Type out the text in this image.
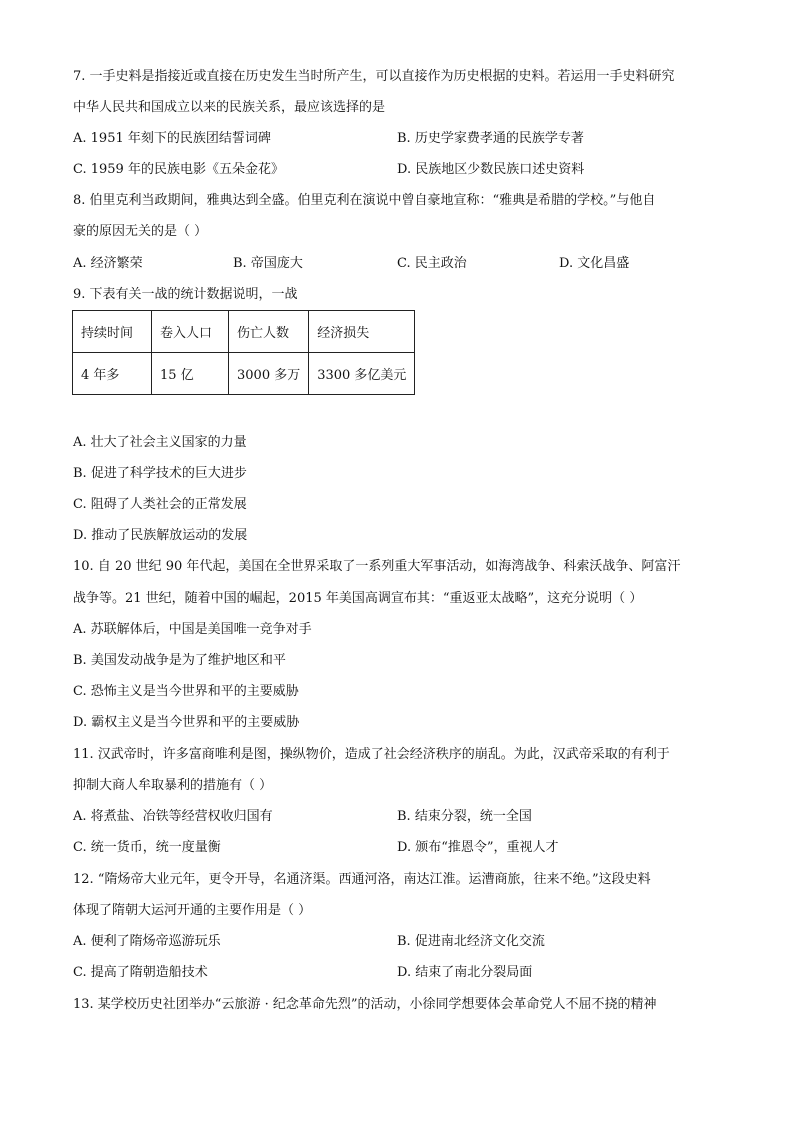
7. 一手史料是指接近或直接在历史发生当时所产生，可以直接作为历史根据的史料。若运用一手史料研究
中华人民共和国成立以来的民族关系，最应该选择的是
A. 1951 年刻下的民族团结誓词碑	B. 历史学家费孝通的民族学专著
C. 1959 年的民族电影《五朵金花》	D. 民族地区少数民族口述史资料
8. 伯里克利当政期间，雅典达到全盛。伯里克利在演说中曾自豪地宣称：“雅典是希腊的学校。”与他自
豪的原因无关的是（ ）
A. 经济繁荣	B. 帝国庞大	C. 民主政治	D. 文化昌盛
9. 下表有关一战的统计数据说明，一战
持续时间	卷入人口	伤亡人数	经济损失
4 年多	15 亿	3000 多万	3300 多亿美元
A. 壮大了社会主义国家的力量
B. 促进了科学技术的巨大进步
C. 阻碍了人类社会的正常发展
D. 推动了民族解放运动的发展
10. 自 20 世纪 90 年代起，美国在全世界采取了一系列重大军事活动，如海湾战争、科索沃战争、阿富汗
战争等。21 世纪，随着中国的崛起，2015 年美国高调宣布其：“重返亚太战略”，这充分说明（ ）
A. 苏联解体后，中国是美国唯一竞争对手
B. 美国发动战争是为了维护地区和平
C. 恐怖主义是当今世界和平的主要威胁
D. 霸权主义是当今世界和平的主要威胁
11. 汉武帝时，许多富商唯利是图，操纵物价，造成了社会经济秩序的崩乱。为此，汉武帝采取的有利于
抑制大商人牟取暴利的措施有（ ）
A. 将煮盐、冶铁等经营权收归国有	B. 结束分裂，统一全国
C. 统一货币，统一度量衡	D. 颁布“推恩令”，重视人才
12. “隋炀帝大业元年，更令开导，名通济渠。西通河洛，南达江淮。运漕商旅，往来不绝。”这段史料
体现了隋朝大运河开通的主要作用是（ ）
A. 便利了隋炀帝巡游玩乐	B. 促进南北经济文化交流
C. 提高了隋朝造船技术	D. 结束了南北分裂局面
13. 某学校历史社团举办“云旅游 · 纪念革命先烈”的活动，小徐同学想要体会革命党人不屈不挠的精神
